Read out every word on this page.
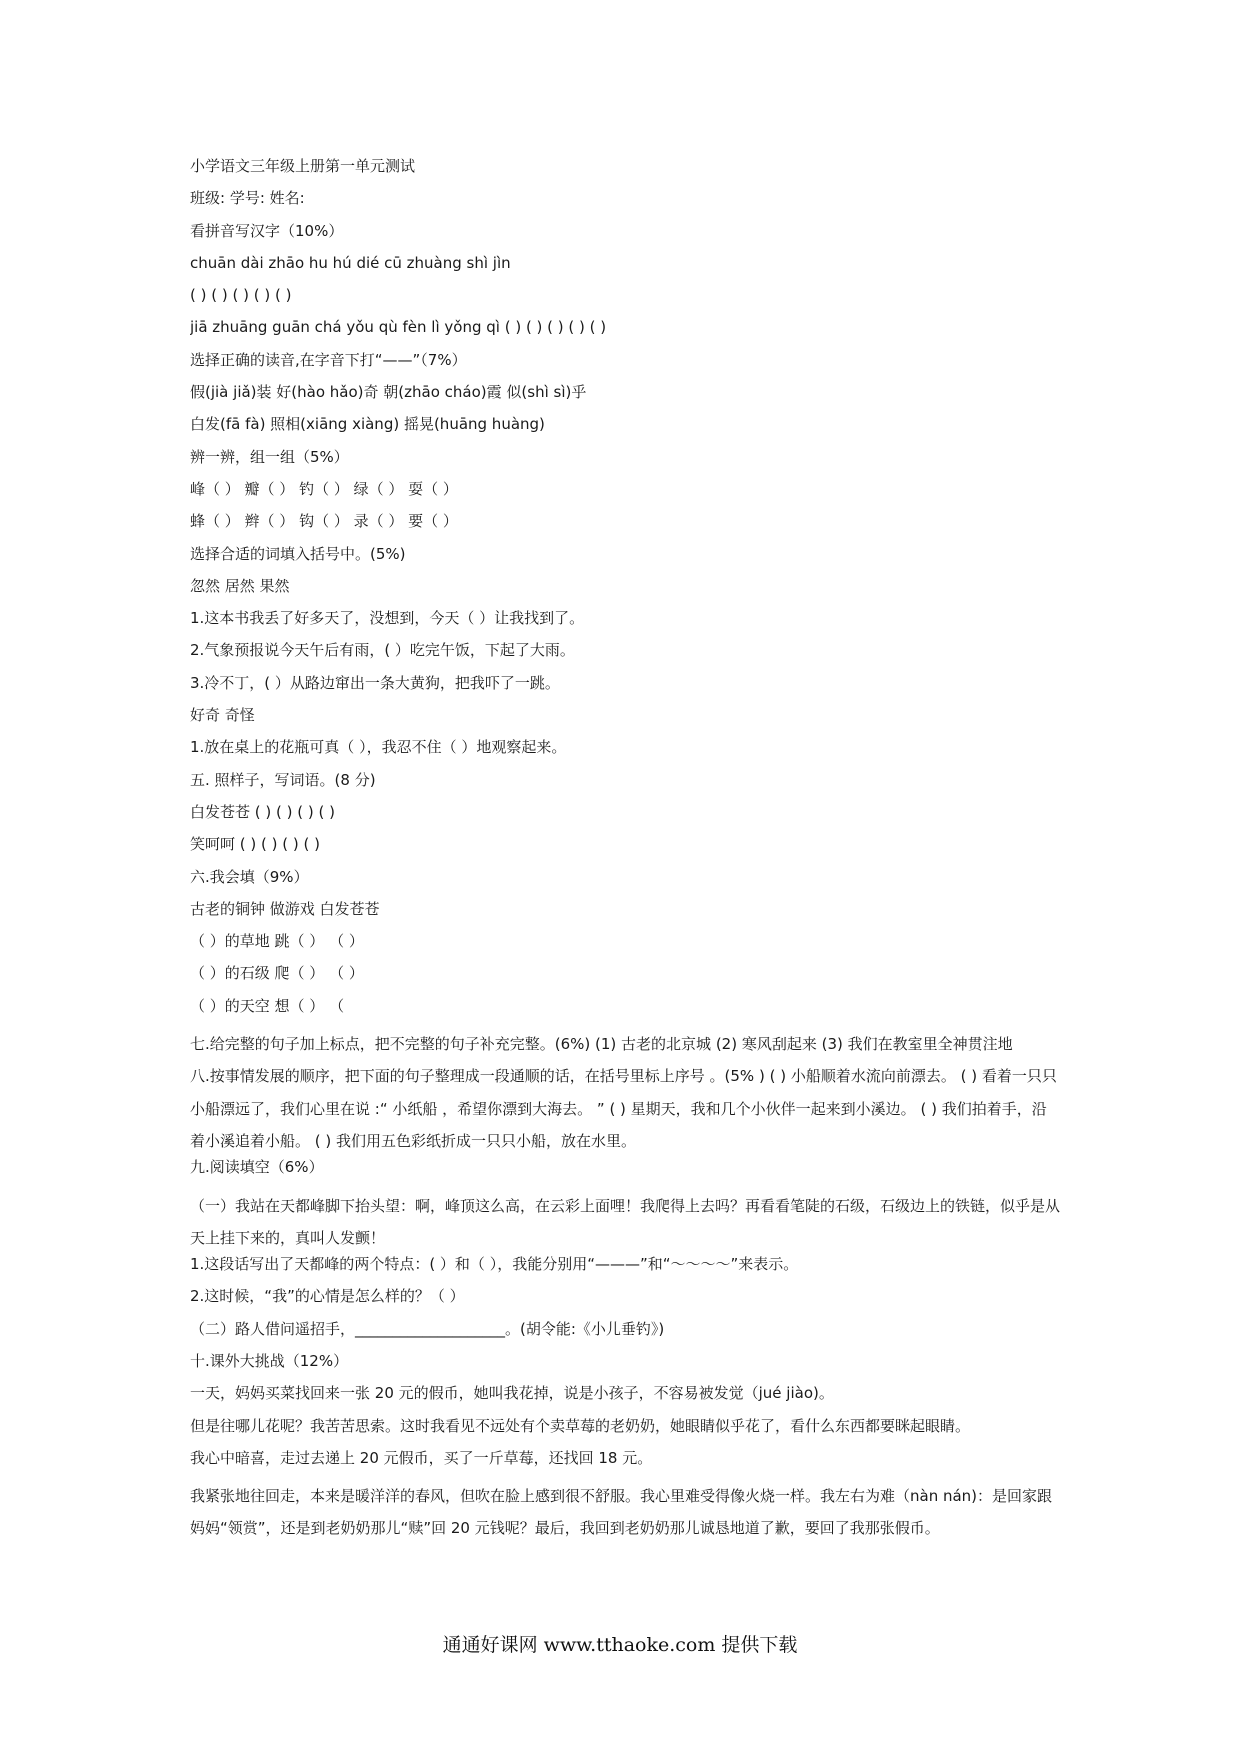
小学语文三年级上册第一单元测试
班级: 学号: 姓名:
看拼音写汉字（10%）
chuān dài zhāo hu hú dié cū zhuàng shì jìn
( ) ( ) ( ) ( ) ( )
jiā zhuāng guān chá yǒu qù fèn lì yǒng qì ( ) ( ) ( ) ( ) ( )
选择正确的读音,在字音下打“——”（7%）
假(jià jiǎ)装 好(hào hǎo)奇 朝(zhāo cháo)霞 似(shì sì)乎
白发(fā fà) 照相(xiāng xiàng) 摇晃(huāng huàng)
辨一辨，组一组（5%）
峰（ ） 瓣（ ） 钓（ ） 绿（ ） 耍（ ）
蜂（ ） 辫（ ） 钩（ ） 录（ ） 要（ ）
选择合适的词填入括号中。(5%)
忽然 居然 果然
1.这本书我丢了好多天了，没想到，今天（ ）让我找到了。
2.气象预报说今天午后有雨，( ）吃完午饭，下起了大雨。
3.冷不丁，( ）从路边窜出一条大黄狗，把我吓了一跳。
好奇 奇怪
1.放在桌上的花瓶可真（ ），我忍不住（ ）地观察起来。
五. 照样子，写词语。(8 分)
白发苍苍 ( ) ( ) ( ) ( )
笑呵呵 ( ) ( ) ( ) ( )
六.我会填（9%）
古老的铜钟 做游戏 白发苍苍
（ ）的草地 跳（ ） （ ）
（ ）的石级 爬（ ） （ ）
（ ）的天空 想（ ） （
七.给完整的句子加上标点，把不完整的句子补充完整。(6%) (1) 古老的北京城 (2) 寒风刮起来 (3) 我们在教室里全神贯注地
八.按事情发展的顺序，把下面的句子整理成一段通顺的话，在括号里标上序号 。(5% ) ( ) 小船顺着水流向前漂去。 ( ) 看着一只只小船漂远了，我们心里在说 :“ 小纸船 ，希望你漂到大海去。 ” ( ) 星期天，我和几个小伙伴一起来到小溪边。 ( ) 我们拍着手，沿着小溪追着小船。 ( ) 我们用五色彩纸折成一只只小船，放在水里。
九.阅读填空（6%）
（一）我站在天都峰脚下抬头望：啊，峰顶这么高，在云彩上面哩！我爬得上去吗？再看看笔陡的石级，石级边上的铁链，似乎是从天上挂下来的，真叫人发颤！
1.这段话写出了天都峰的两个特点：( ）和（ ），我能分别用“———”和“～～～～”来表示。
2.这时候，“我”的心情是怎么样的？（ ）
（二）路人借问遥招手，____________________。(胡令能:《小儿垂钓》)
十.课外大挑战（12%）
一天，妈妈买菜找回来一张 20 元的假币，她叫我花掉，说是小孩子，不容易被发觉（jué jiào)。
但是往哪儿花呢？我苦苦思索。这时我看见不远处有个卖草莓的老奶奶，她眼睛似乎花了，看什么东西都要眯起眼睛。
我心中暗喜，走过去递上 20 元假币，买了一斤草莓，还找回 18 元。
我紧张地往回走，本来是暖洋洋的春风，但吹在脸上感到很不舒服。我心里难受得像火烧一样。我左右为难（nàn nán)：是回家跟妈妈“领赏”，还是到老奶奶那儿“赎”回 20 元钱呢？最后，我回到老奶奶那儿诚恳地道了歉，要回了我那张假币。
通通好课网 www.tthaoke.com 提供下载
